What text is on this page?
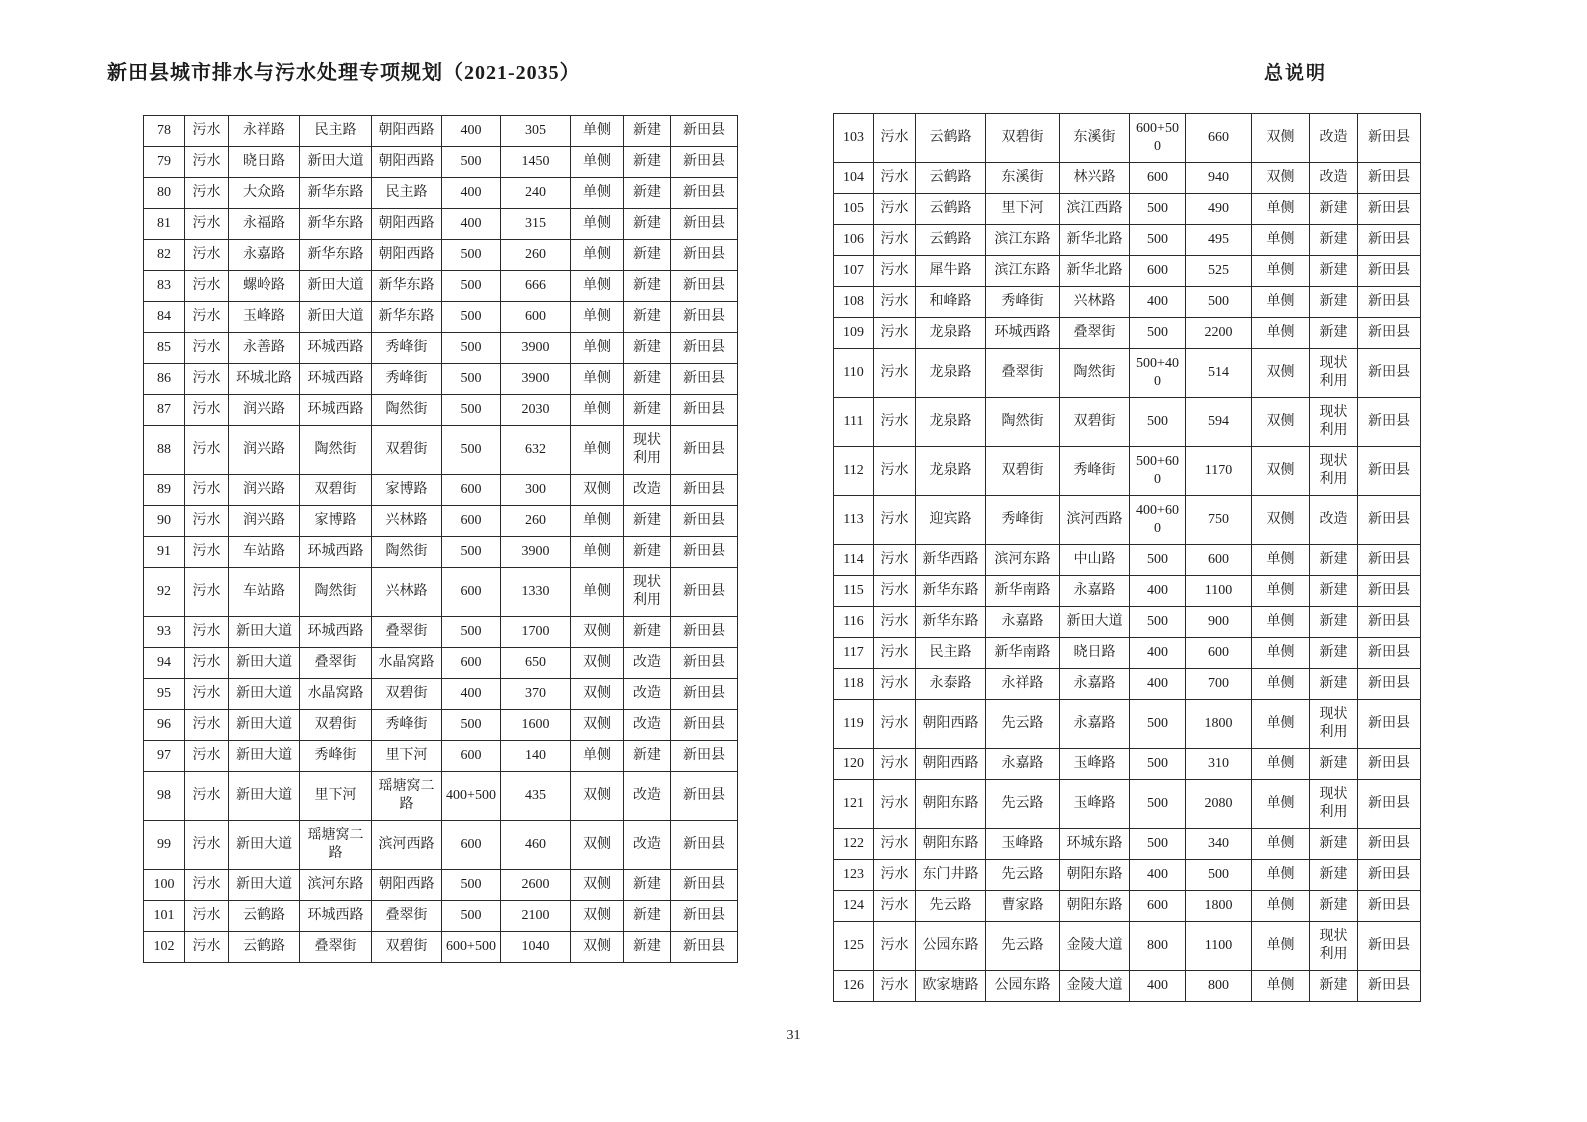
新田县城市排水与污水处理专项规划（2021-2035）	总说明
78	污水	永祥路	民主路	朝阳西路	400	305	单侧	新建	新田县
79	污水	晓日路	新田大道	朝阳西路	500	1450	单侧	新建	新田县
80	污水	大众路	新华东路	民主路	400	240	单侧	新建	新田县
81	污水	永福路	新华东路	朝阳西路	400	315	单侧	新建	新田县
82	污水	永嘉路	新华东路	朝阳西路	500	260	单侧	新建	新田县
83	污水	螺岭路	新田大道	新华东路	500	666	单侧	新建	新田县
84	污水	玉峰路	新田大道	新华东路	500	600	单侧	新建	新田县
85	污水	永善路	环城西路	秀峰街	500	3900	单侧	新建	新田县
86	污水	环城北路	环城西路	秀峰街	500	3900	单侧	新建	新田县
87	污水	润兴路	环城西路	陶然街	500	2030	单侧	新建	新田县
88	污水	润兴路	陶然街	双碧街	500	632	单侧	现状利用	新田县
89	污水	润兴路	双碧街	家博路	600	300	双侧	改造	新田县
90	污水	润兴路	家博路	兴林路	600	260	单侧	新建	新田县
91	污水	车站路	环城西路	陶然街	500	3900	单侧	新建	新田县
92	污水	车站路	陶然街	兴林路	600	1330	单侧	现状利用	新田县
93	污水	新田大道	环城西路	叠翠街	500	1700	双侧	新建	新田县
94	污水	新田大道	叠翠街	水晶窝路	600	650	双侧	改造	新田县
95	污水	新田大道	水晶窝路	双碧街	400	370	双侧	改造	新田县
96	污水	新田大道	双碧街	秀峰街	500	1600	双侧	改造	新田县
97	污水	新田大道	秀峰街	里下河	600	140	单侧	新建	新田县
98	污水	新田大道	里下河	瑶塘窝二路	400+500	435	双侧	改造	新田县
99	污水	新田大道	瑶塘窝二路	滨河西路	600	460	双侧	改造	新田县
100	污水	新田大道	滨河东路	朝阳西路	500	2600	双侧	新建	新田县
101	污水	云鹤路	环城西路	叠翠街	500	2100	双侧	新建	新田县
102	污水	云鹤路	叠翠街	双碧街	600+500	1040	双侧	新建	新田县
103	污水	云鹤路	双碧街	东溪街	600+500	660	双侧	改造	新田县
104	污水	云鹤路	东溪街	林兴路	600	940	双侧	改造	新田县
105	污水	云鹤路	里下河	滨江西路	500	490	单侧	新建	新田县
106	污水	云鹤路	滨江东路	新华北路	500	495	单侧	新建	新田县
107	污水	犀牛路	滨江东路	新华北路	600	525	单侧	新建	新田县
108	污水	和峰路	秀峰街	兴林路	400	500	单侧	新建	新田县
109	污水	龙泉路	环城西路	叠翠街	500	2200	单侧	新建	新田县
110	污水	龙泉路	叠翠街	陶然街	500+400	514	双侧	现状利用	新田县
111	污水	龙泉路	陶然街	双碧街	500	594	双侧	现状利用	新田县
112	污水	龙泉路	双碧街	秀峰街	500+600	1170	双侧	现状利用	新田县
113	污水	迎宾路	秀峰街	滨河西路	400+600	750	双侧	改造	新田县
114	污水	新华西路	滨河东路	中山路	500	600	单侧	新建	新田县
115	污水	新华东路	新华南路	永嘉路	400	1100	单侧	新建	新田县
116	污水	新华东路	永嘉路	新田大道	500	900	单侧	新建	新田县
117	污水	民主路	新华南路	晓日路	400	600	单侧	新建	新田县
118	污水	永泰路	永祥路	永嘉路	400	700	单侧	新建	新田县
119	污水	朝阳西路	先云路	永嘉路	500	1800	单侧	现状利用	新田县
120	污水	朝阳西路	永嘉路	玉峰路	500	310	单侧	新建	新田县
121	污水	朝阳东路	先云路	玉峰路	500	2080	单侧	现状利用	新田县
122	污水	朝阳东路	玉峰路	环城东路	500	340	单侧	新建	新田县
123	污水	东门井路	先云路	朝阳东路	400	500	单侧	新建	新田县
124	污水	先云路	曹家路	朝阳东路	600	1800	单侧	新建	新田县
125	污水	公园东路	先云路	金陵大道	800	1100	单侧	现状利用	新田县
126	污水	欧家塘路	公园东路	金陵大道	400	800	单侧	新建	新田县
31
